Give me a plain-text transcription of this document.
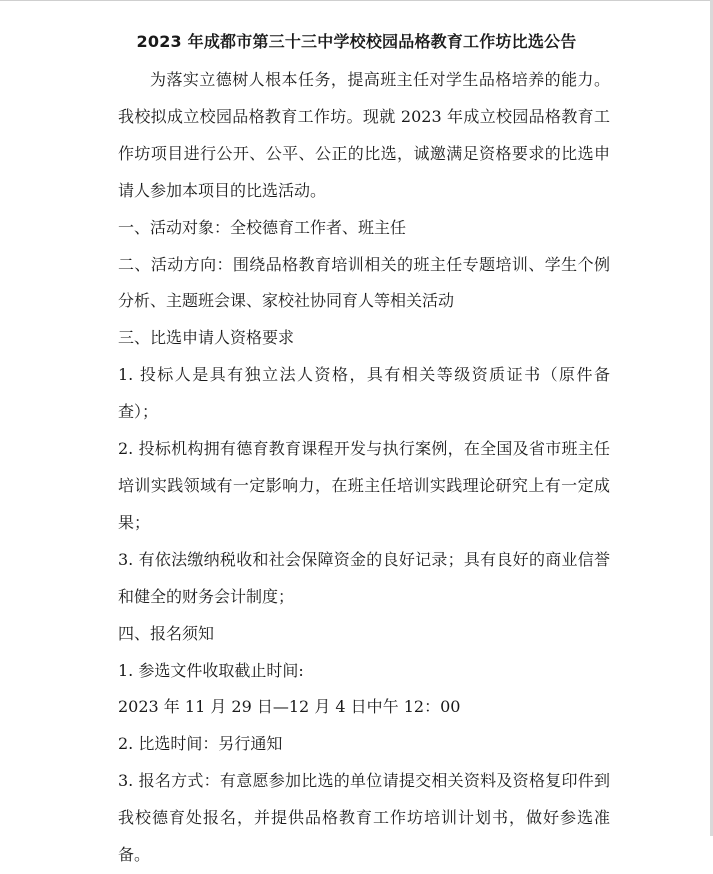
2023 年成都市第三十三中学校校园品格教育工作坊比选公告

为落实立德树人根本任务，提高班主任对学生品格培养的能力。我校拟成立校园品格教育工作坊。现就 2023 年成立校园品格教育工作坊项目进行公开、公平、公正的比选，诚邀满足资格要求的比选申请人参加本项目的比选活动。

一、活动对象：全校德育工作者、班主任

二、活动方向：围绕品格教育培训相关的班主任专题培训、学生个例分析、主题班会课、家校社协同育人等相关活动

三、比选申请人资格要求

1. 投标人是具有独立法人资格，具有相关等级资质证书（原件备查）；

2. 投标机构拥有德育教育课程开发与执行案例，在全国及省市班主任培训实践领域有一定影响力，在班主任培训实践理论研究上有一定成果；

3. 有依法缴纳税收和社会保障资金的良好记录；具有良好的商业信誉和健全的财务会计制度；

四、报名须知

1. 参选文件收取截止时间:

2023 年 11 月 29 日—12 月 4 日中午 12：00

2. 比选时间：另行通知

3. 报名方式：有意愿参加比选的单位请提交相关资料及资格复印件到我校德育处报名，并提供品格教育工作坊培训计划书，做好参选准备。
